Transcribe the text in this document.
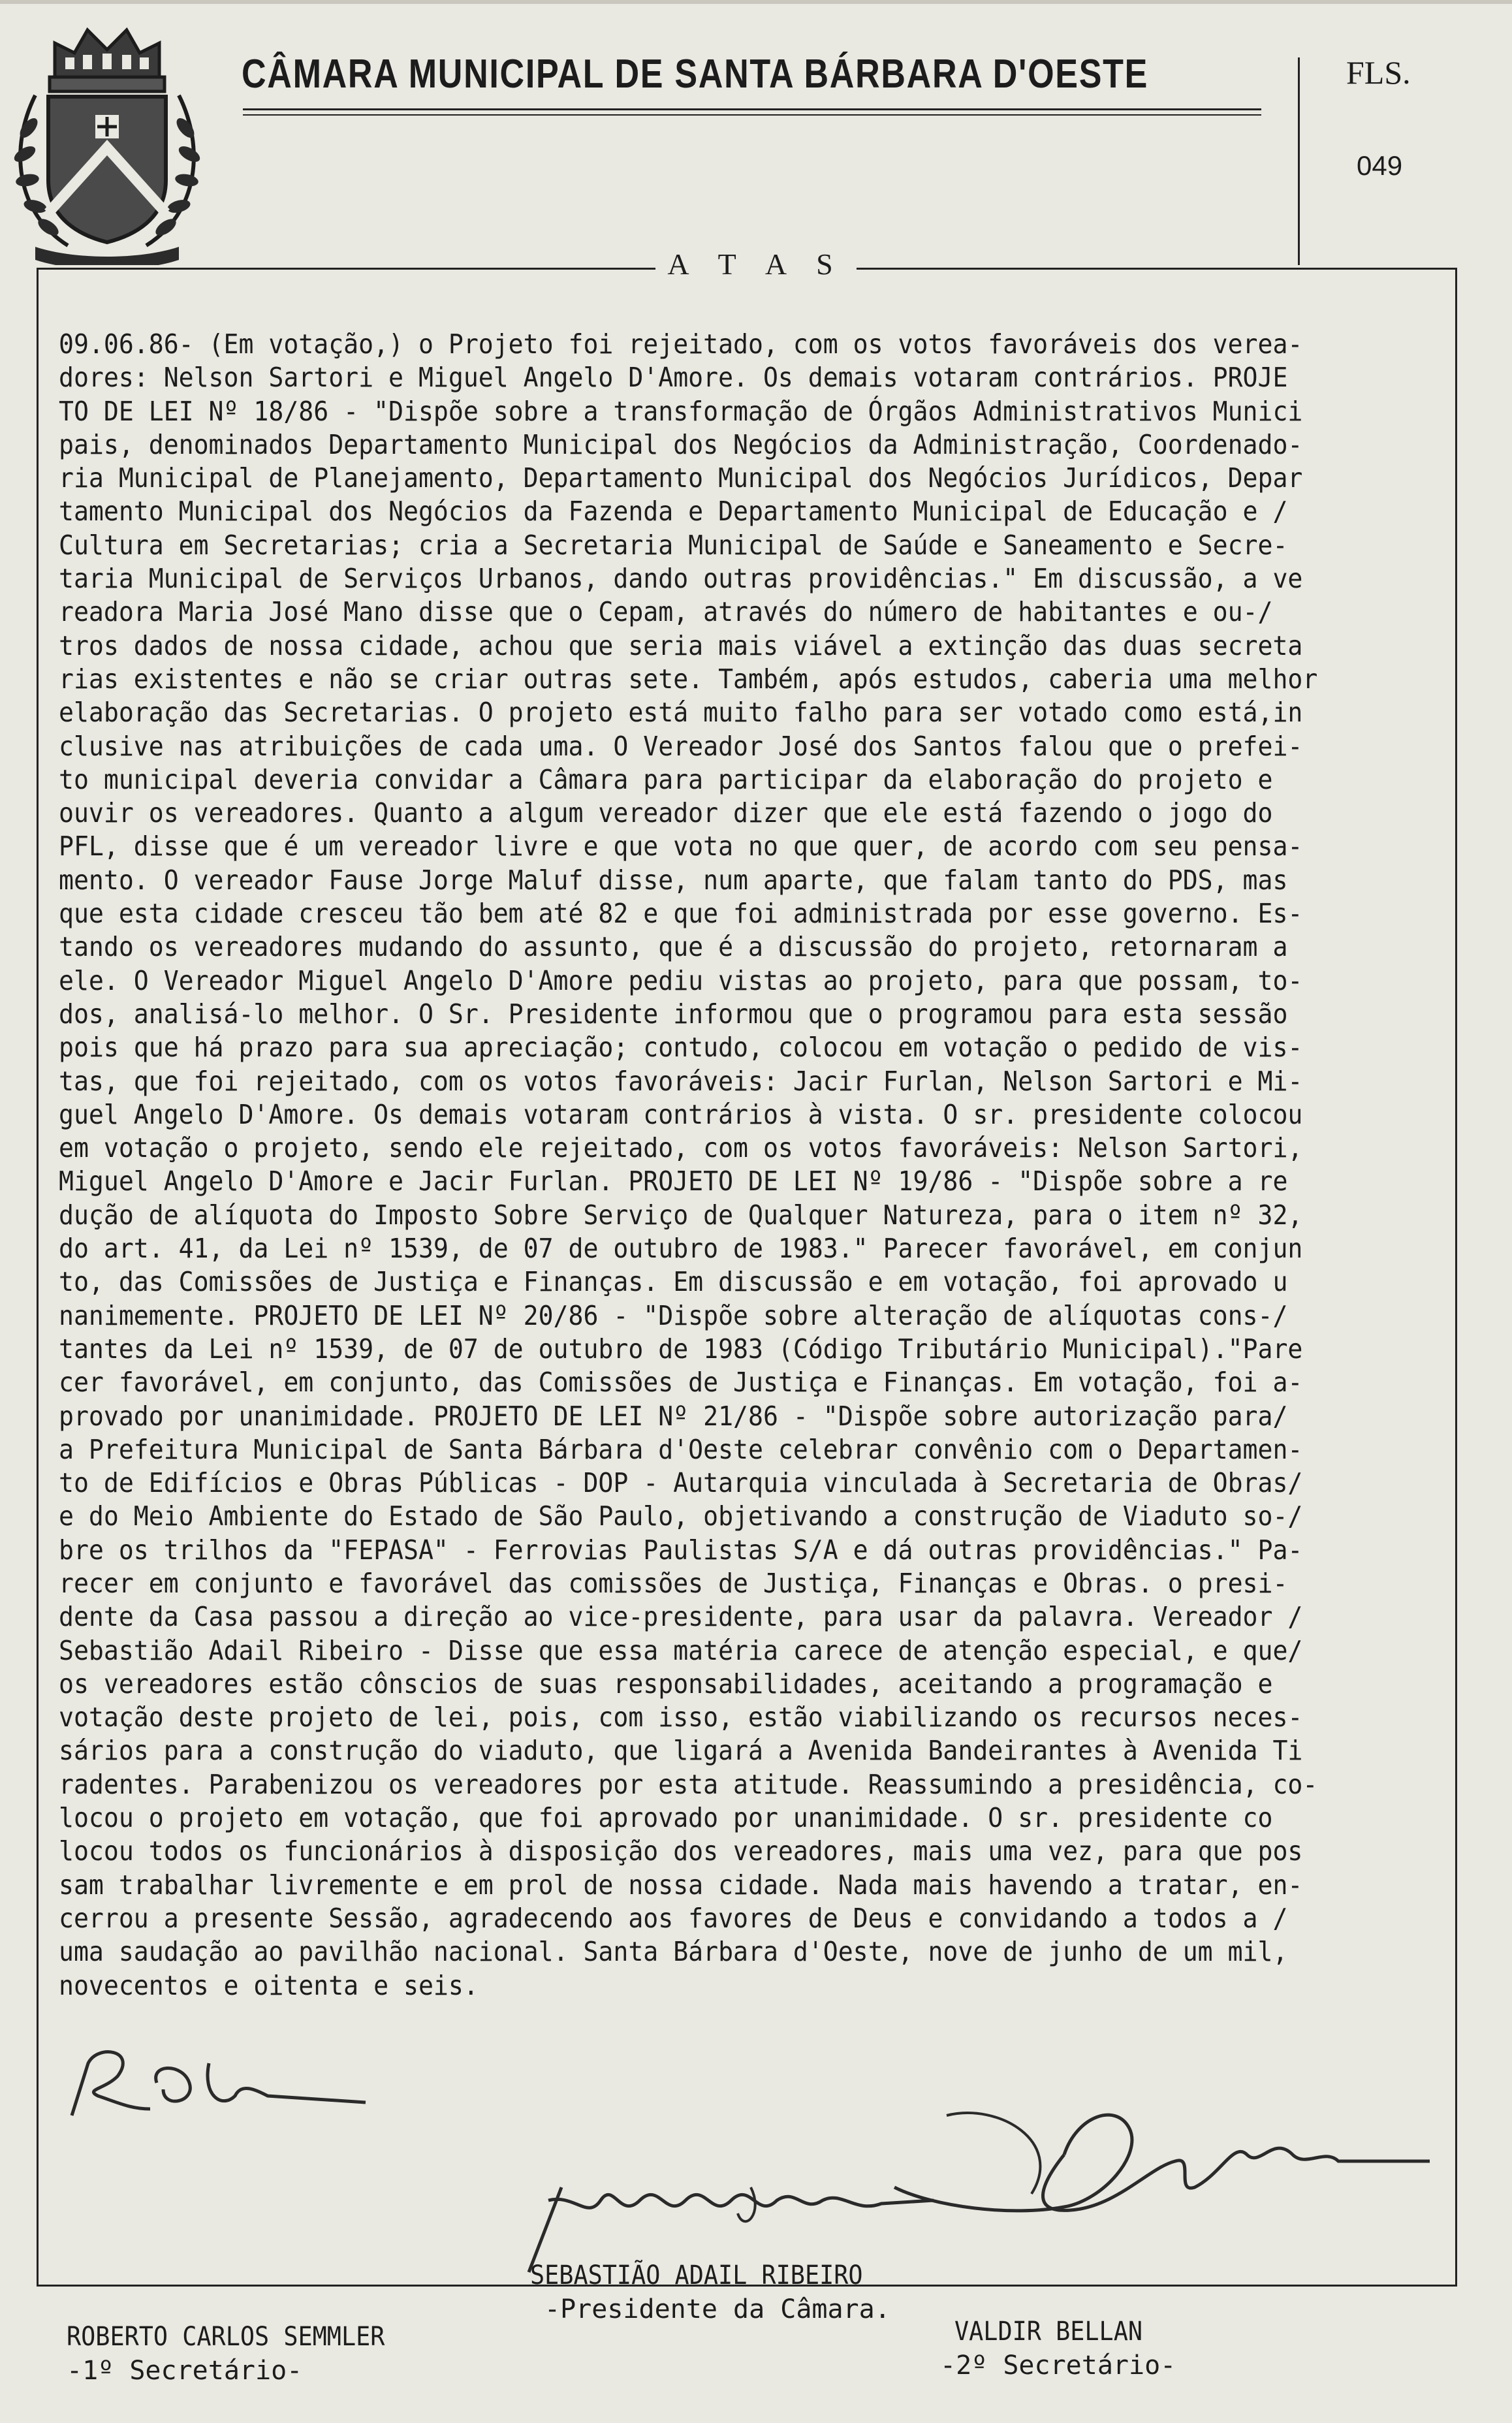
CÂMARA MUNICIPAL DE SANTA BÁRBARA D'OESTE	FLS.
049
A T A S
09.06.86- (Em votação,) o Projeto foi rejeitado, com os votos favoráveis dos verea-
dores: Nelson Sartori e Miguel Angelo D'Amore. Os demais votaram contrários. PROJE
TO DE LEI Nº 18/86 - "Dispõe sobre a transformação de Órgãos Administrativos Munici
pais, denominados Departamento Municipal dos Negócios da Administração, Coordenado-
ria Municipal de Planejamento, Departamento Municipal dos Negócios Jurídicos, Depar
tamento Municipal dos Negócios da Fazenda e Departamento Municipal de Educação e /
Cultura em Secretarias; cria a Secretaria Municipal de Saúde e Saneamento e Secre-
taria Municipal de Serviços Urbanos, dando outras providências." Em discussão, a ve
readora Maria José Mano disse que o Cepam, através do número de habitantes e ou-/
tros dados de nossa cidade, achou que seria mais viável a extinção das duas secreta
rias existentes e não se criar outras sete. Também, após estudos, caberia uma melhor
elaboração das Secretarias. O projeto está muito falho para ser votado como está,in
clusive nas atribuições de cada uma. O Vereador José dos Santos falou que o prefei-
to municipal deveria convidar a Câmara para participar da elaboração do projeto e
ouvir os vereadores. Quanto a algum vereador dizer que ele está fazendo o jogo do
PFL, disse que é um vereador livre e que vota no que quer, de acordo com seu pensa-
mento. O vereador Fause Jorge Maluf disse, num aparte, que falam tanto do PDS, mas
que esta cidade cresceu tão bem até 82 e que foi administrada por esse governo. Es-
tando os vereadores mudando do assunto, que é a discussão do projeto, retornaram a
ele. O Vereador Miguel Angelo D'Amore pediu vistas ao projeto, para que possam, to-
dos, analisá-lo melhor. O Sr. Presidente informou que o programou para esta sessão
pois que há prazo para sua apreciação; contudo, colocou em votação o pedido de vis-
tas, que foi rejeitado, com os votos favoráveis: Jacir Furlan, Nelson Sartori e Mi-
guel Angelo D'Amore. Os demais votaram contrários à vista. O sr. presidente colocou
em votação o projeto, sendo ele rejeitado, com os votos favoráveis: Nelson Sartori,
Miguel Angelo D'Amore e Jacir Furlan. PROJETO DE LEI Nº 19/86 - "Dispõe sobre a re
dução de alíquota do Imposto Sobre Serviço de Qualquer Natureza, para o item nº 32,
do art. 41, da Lei nº 1539, de 07 de outubro de 1983." Parecer favorável, em conjun
to, das Comissões de Justiça e Finanças. Em discussão e em votação, foi aprovado u
nanimemente. PROJETO DE LEI Nº 20/86 - "Dispõe sobre alteração de alíquotas cons-/
tantes da Lei nº 1539, de 07 de outubro de 1983 (Código Tributário Municipal)."Pare
cer favorável, em conjunto, das Comissões de Justiça e Finanças. Em votação, foi a-
provado por unanimidade. PROJETO DE LEI Nº 21/86 - "Dispõe sobre autorização para/
a Prefeitura Municipal de Santa Bárbara d'Oeste celebrar convênio com o Departamen-
to de Edifícios e Obras Públicas - DOP - Autarquia vinculada à Secretaria de Obras/
e do Meio Ambiente do Estado de São Paulo, objetivando a construção de Viaduto so-/
bre os trilhos da "FEPASA" - Ferrovias Paulistas S/A e dá outras providências." Pa-
recer em conjunto e favorável das comissões de Justiça, Finanças e Obras. o presi-
dente da Casa passou a direção ao vice-presidente, para usar da palavra. Vereador /
Sebastião Adail Ribeiro - Disse que essa matéria carece de atenção especial, e que/
os vereadores estão cônscios de suas responsabilidades, aceitando a programação e
votação deste projeto de lei, pois, com isso, estão viabilizando os recursos neces-
sários para a construção do viaduto, que ligará a Avenida Bandeirantes à Avenida Ti
radentes. Parabenizou os vereadores por esta atitude. Reassumindo a presidência, co-
locou o projeto em votação, que foi aprovado por unanimidade. O sr. presidente co
locou todos os funcionários à disposição dos vereadores, mais uma vez, para que pos
sam trabalhar livremente e em prol de nossa cidade. Nada mais havendo a tratar, en-
cerrou a presente Sessão, agradecendo aos favores de Deus e convidando a todos a /
uma saudação ao pavilhão nacional. Santa Bárbara d'Oeste, nove de junho de um mil,
novecentos e oitenta e seis.
SEBASTIÃO ADAIL RIBEIRO
-Presidente da Câmara.
ROBERTO CARLOS SEMMLER
-1º Secretário-
VALDIR BELLAN
-2º Secretário-
